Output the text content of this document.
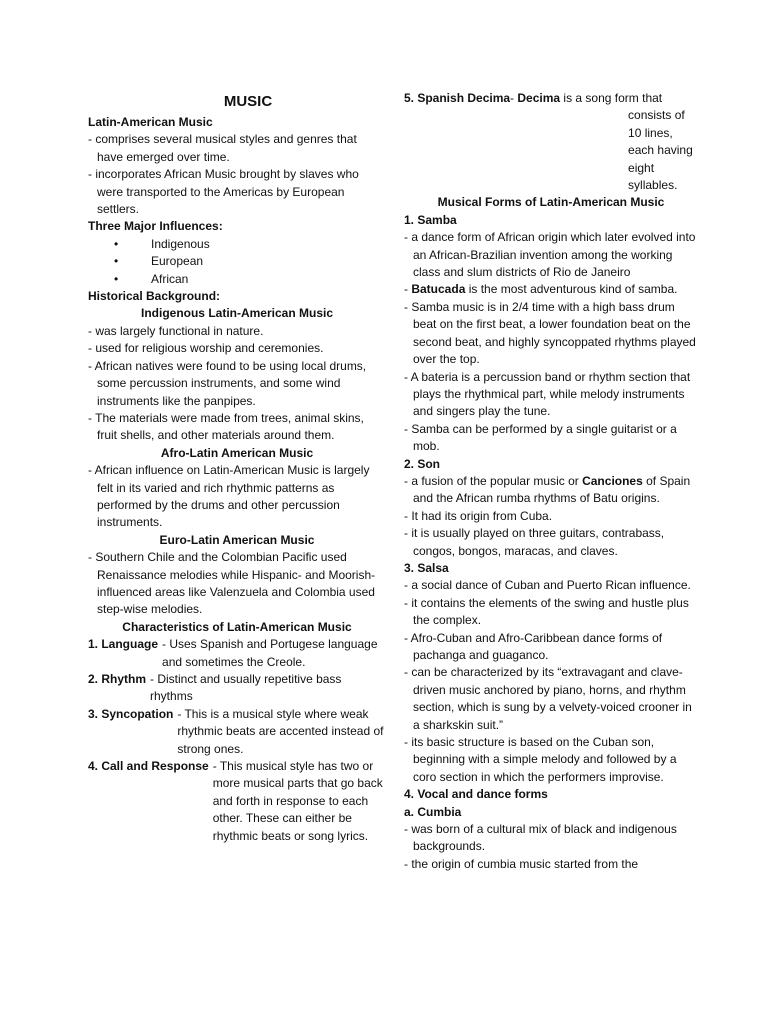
MUSIC

Latin-American Music

- comprises several musical styles and genres that have emerged over time.

- incorporates African Music brought by slaves who were transported to the Americas by European settlers.

Three Major Influences:

•	Indigenous
•	European
•	African

Historical Background:

Indigenous Latin-American Music

- was largely functional in nature.

- used for religious worship and ceremonies.

- African natives were found to be using local drums, some percussion instruments, and some wind instruments like the panpipes.

- The materials were made from trees, animal skins, fruit shells, and other materials around them.

Afro-Latin American Music

- African influence on Latin-American Music is largely felt in its varied and rich rhythmic patterns as performed by the drums and other percussion instruments.

Euro-Latin American Music

- Southern Chile and the Colombian Pacific used Renaissance melodies while Hispanic- and Moorish- influenced areas like Valenzuela and Colombia used step-wise melodies.

Characteristics of Latin-American Music

1. Language - Uses Spanish and Portugese language and sometimes the Creole.
2. Rhythm - Distinct and usually repetitive bass rhythms
3. Syncopation - This is a musical style where weak rhythmic beats are accented instead of strong ones.
4. Call and Response - This musical style has two or more musical parts that go back and forth in response to each other. These can either be rhythmic beats or song lyrics.
5. Spanish Decima - Decima is a song form that consists of 10 lines, each having eight syllables.

Musical Forms of Latin-American Music

1. Samba

- a dance form of African origin which later evolved into an African-Brazilian invention among the working class and slum districts of Rio de Janeiro

- Batucada is the most adventurous kind of samba.

- Samba music is in 2/4 time with a high bass drum beat on the first beat, a lower foundation beat on the second beat, and highly syncoppated rhythms played over the top.

- A bateria is a percussion band or rhythm section that plays the rhythmical part, while melody instruments and singers play the tune.

- Samba can be performed by a single guitarist or a mob.

2. Son

- a fusion of the popular music or Canciones of Spain and the African rumba rhythms of Batu origins.

- It had its origin from Cuba.

- it is usually played on three guitars, contrabass, congos, bongos, maracas, and claves.

3. Salsa

- a social dance of Cuban and Puerto Rican influence.

- it contains the elements of the swing and hustle plus the complex.

- Afro-Cuban and Afro-Caribbean dance forms of pachanga and guaganco.

- can be characterized by its “extravagant and clave-driven music anchored by piano, horns, and rhythm section, which is sung by a velvety-voiced crooner in a sharkskin suit.”

- its basic structure is based on the Cuban son, beginning with a simple melody and followed by a coro section in which the performers improvise.

4. Vocal and dance forms

a. Cumbia

- was born of a cultural mix of black and indigenous backgrounds.

- the origin of cumbia music started from the
